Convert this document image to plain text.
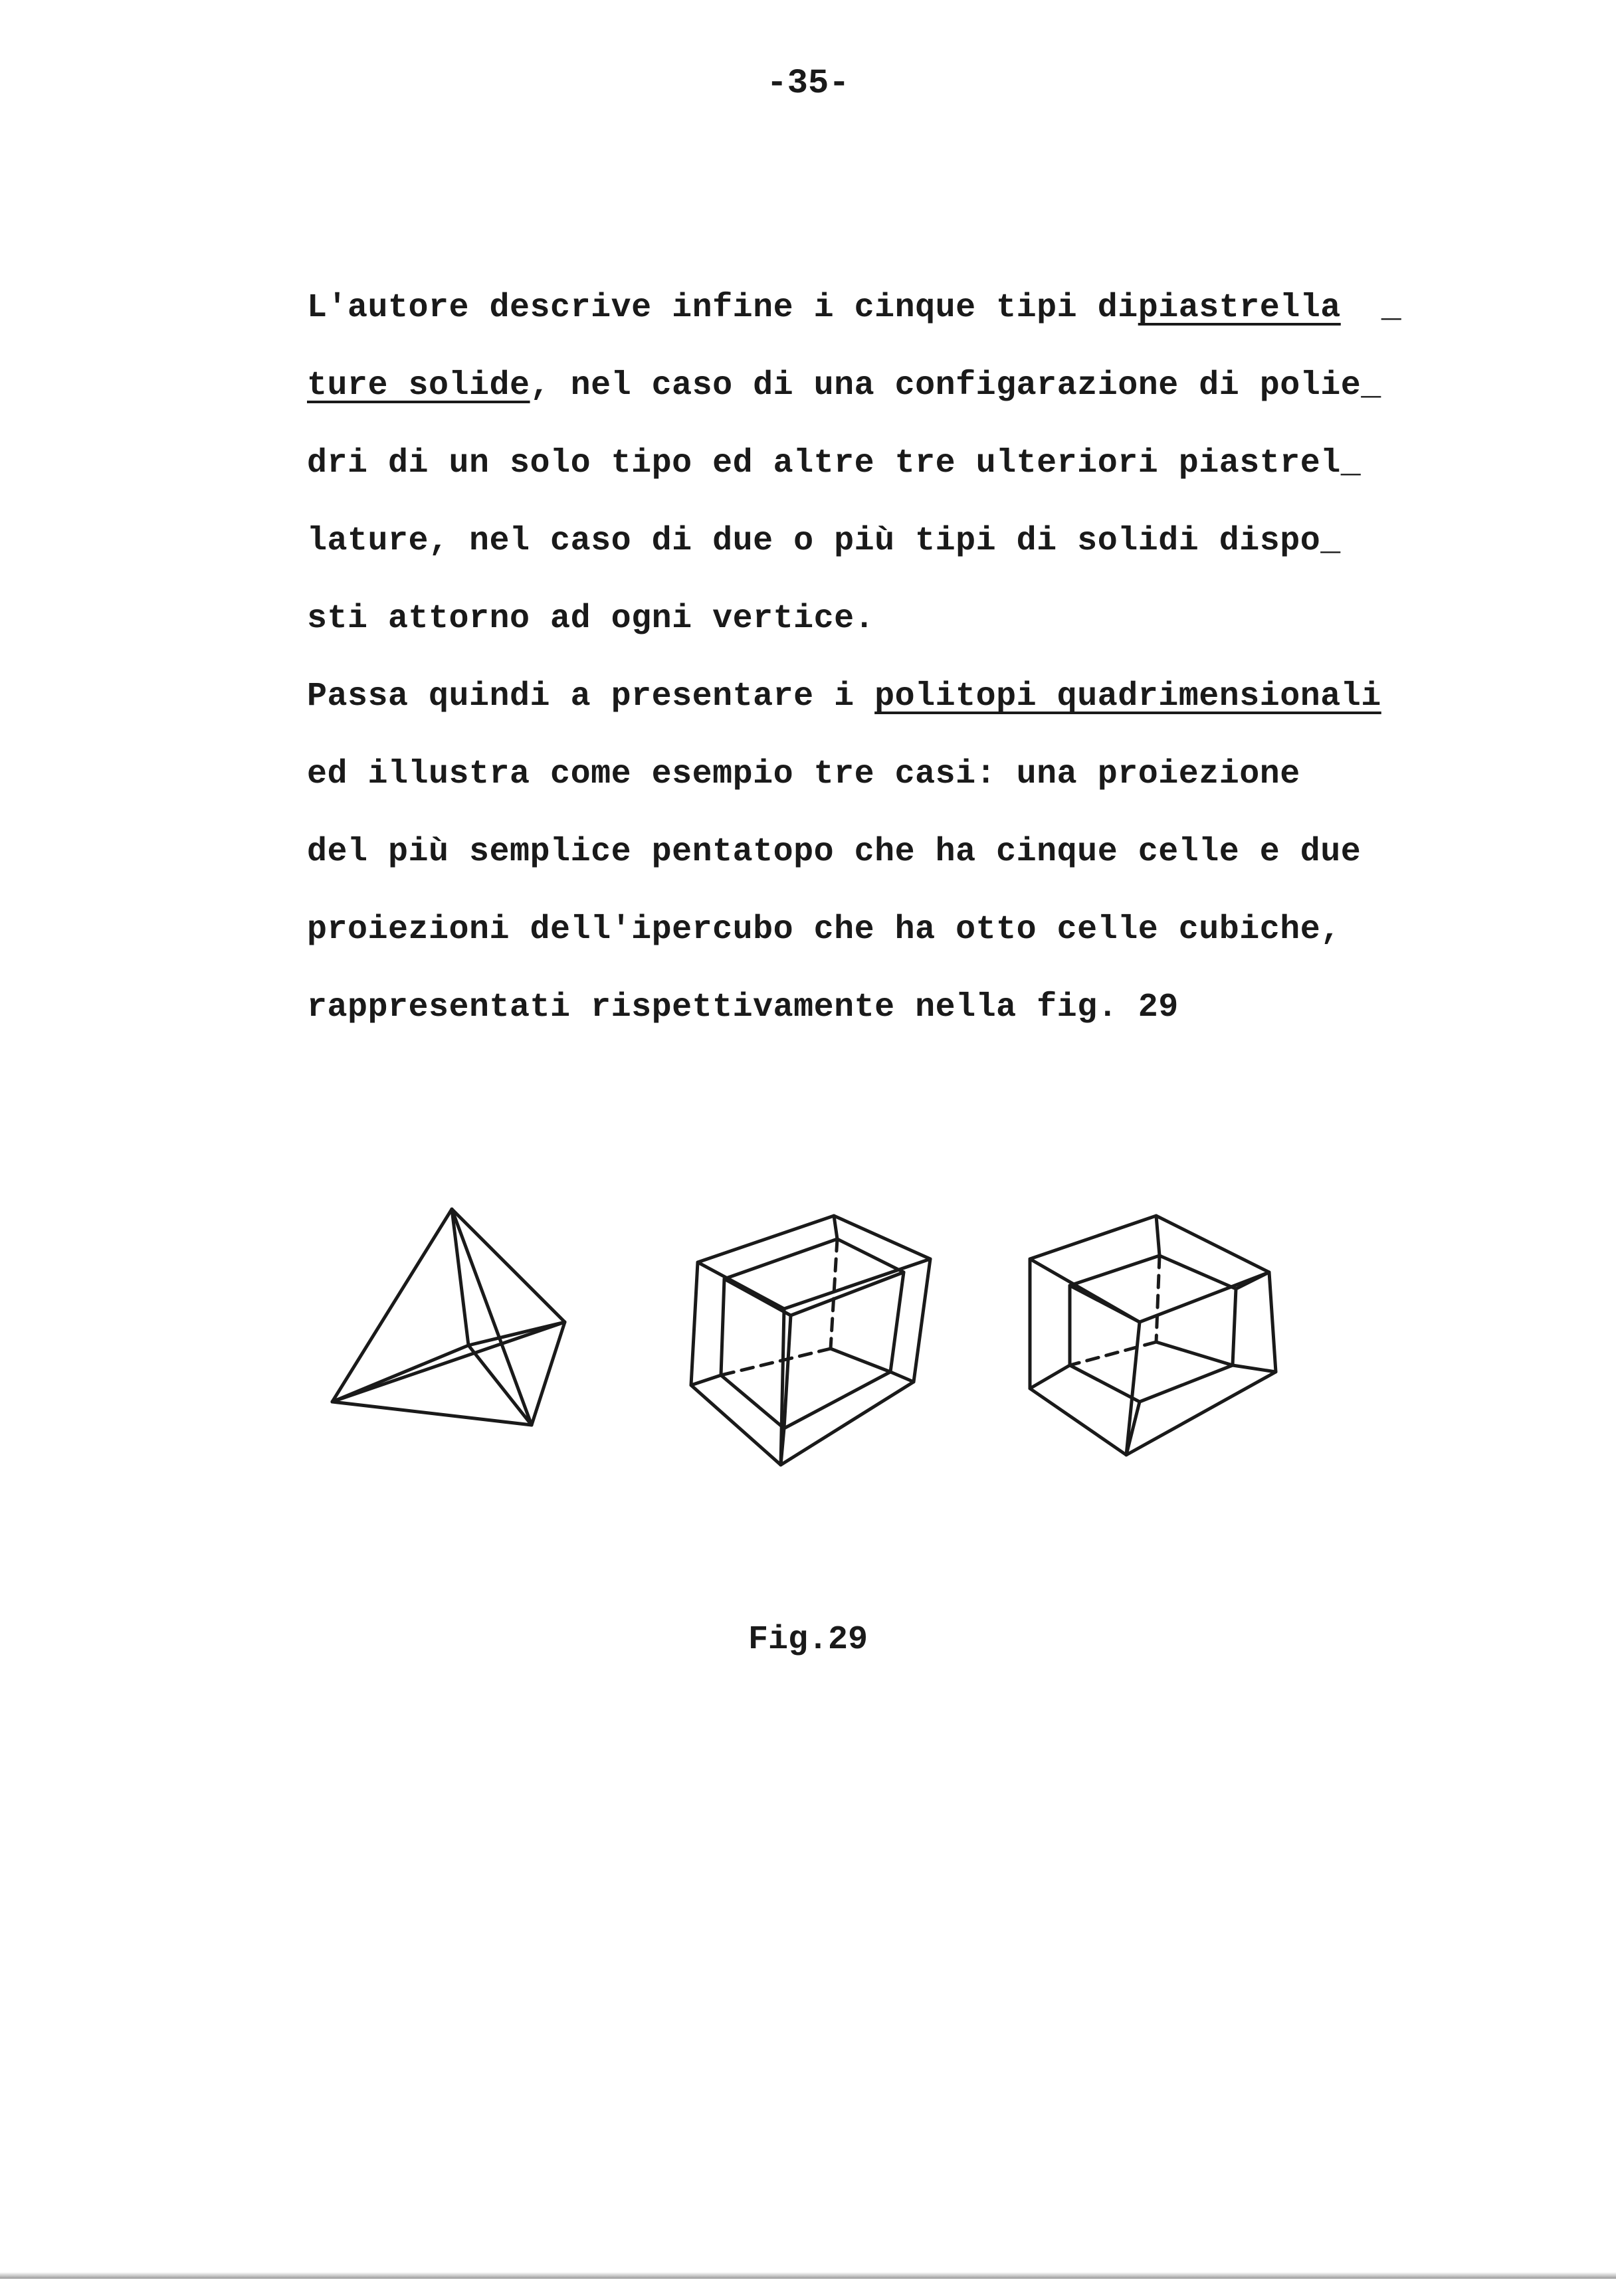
-35-
L'autore descrive infine i cinque tipi dipiastrella  _
ture solide, nel caso di una configarazione di polie_
dri di un solo tipo ed altre tre ulteriori piastrel_
lature, nel caso di due o più tipi di solidi dispo_
sti attorno ad ogni vertice.
Passa quindi a presentare i politopi quadrimensionali
ed illustra come esempio tre casi: una proiezione
del più semplice pentatopo che ha cinque celle e due
proiezioni dell'ipercubo che ha otto celle cubiche,
rappresentati rispettivamente nella fig. 29
Fig.29
